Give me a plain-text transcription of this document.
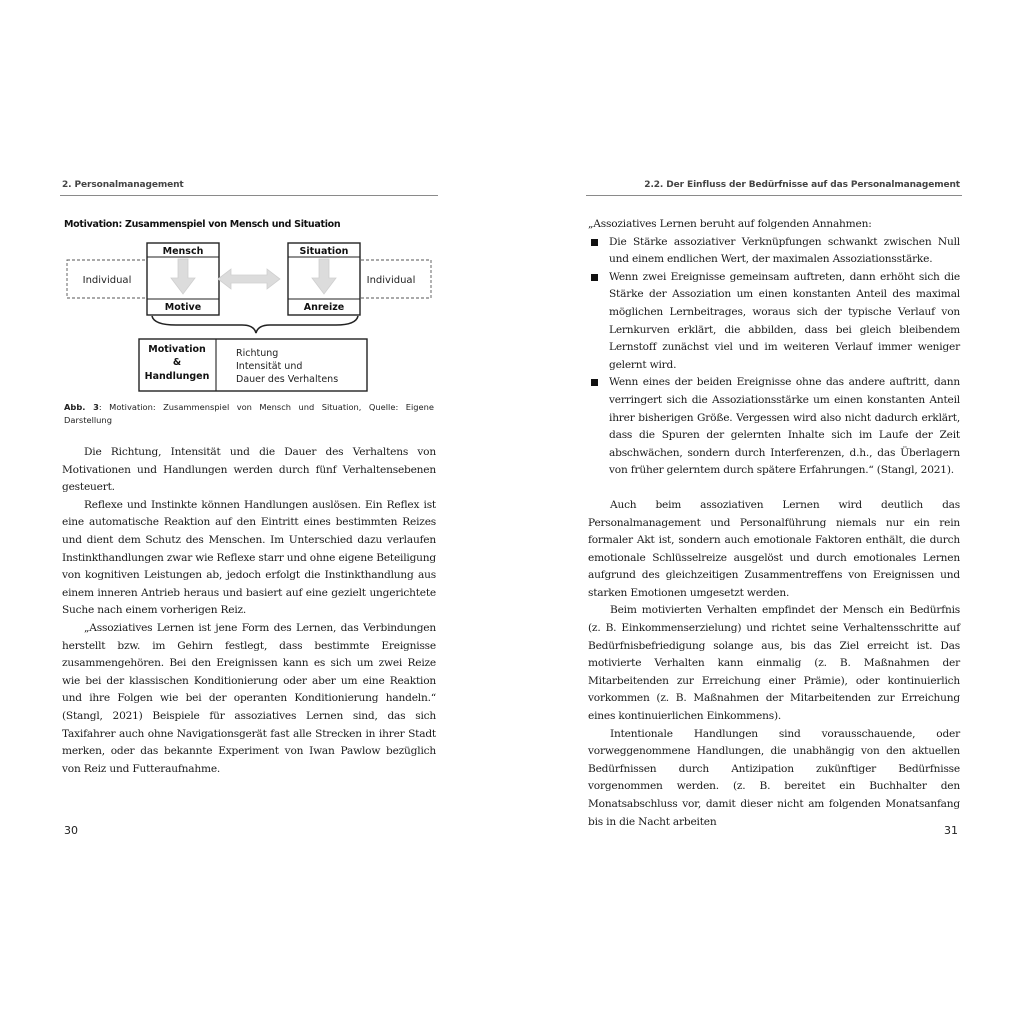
2. Personalmanagement
Motivation: Zusammenspiel von Mensch und Situation
Individual	Individual
Mensch
Motive
Situation
Anreize
Motivation
&
Handlungen
Richtung
Intensität und
Dauer des Verhaltens
Abb. 3: Motivation: Zusammenspiel von Mensch und Situation, Quelle: Eigene Darstellung

Die Richtung, Intensität und die Dauer des Verhaltens von Motivationen und Handlungen werden durch fünf Verhaltensebenen gesteuert.

Reflexe und Instinkte können Handlungen auslösen. Ein Reflex ist eine automatische Reaktion auf den Eintritt eines bestimmten Reizes und dient dem Schutz des Menschen. Im Unterschied dazu verlaufen Instinkthandlungen zwar wie Reflexe starr und ohne eigene Beteiligung von kognitiven Leistungen ab, jedoch erfolgt die Instinkthandlung aus einem inneren Antrieb heraus und basiert auf eine gezielt ungerichtete Suche nach einem vorherigen Reiz.

„Assoziatives Lernen ist jene Form des Lernen, das Verbindungen herstellt bzw. im Gehirn festlegt, dass bestimmte Ereignisse zusammengehören. Bei den Ereignissen kann es sich um zwei Reize wie bei der klassischen Konditionierung oder aber um eine Reaktion und ihre Folgen wie bei der operanten Konditionierung handeln.“ (Stangl, 2021) Beispiele für assoziatives Lernen sind, das sich Taxifahrer auch ohne Navigationsgerät fast alle Strecken in ihrer Stadt merken, oder das bekannte Experiment von Iwan Pawlow bezüglich von Reiz und Futteraufnahme.

30
2.2. Der Einfluss der Bedürfnisse auf das Personalmanagement

„Assoziatives Lernen beruht auf folgenden Annahmen:

Die Stärke assoziativer Verknüpfungen schwankt zwischen Null und einem endlichen Wert, der maximalen Assoziationsstärke.
Wenn zwei Ereignisse gemeinsam auftreten, dann erhöht sich die Stärke der Assoziation um einen konstanten Anteil des maximal möglichen Lernbeitrages, woraus sich der typische Verlauf von Lernkurven erklärt, die abbilden, dass bei gleich bleibendem Lernstoff zunächst viel und im weiteren Verlauf immer weniger gelernt wird.
Wenn eines der beiden Ereignisse ohne das andere auftritt, dann verringert sich die Assoziationsstärke um einen konstanten Anteil ihrer bisherigen Größe. Vergessen wird also nicht dadurch erklärt, dass die Spuren der gelernten Inhalte sich im Laufe der Zeit abschwächen, sondern durch Interferenzen, d.h., das Überlagern von früher gelerntem durch spätere Erfahrungen.“ (Stangl, 2021).

Auch beim assoziativen Lernen wird deutlich das Personalmanagement und Personalführung niemals nur ein rein formaler Akt ist, sondern auch emotionale Faktoren enthält, die durch emotionale Schlüsselreize ausgelöst und durch emotionales Lernen aufgrund des gleichzeitigen Zusammentreffens von Ereignissen und starken Emotionen umgesetzt werden.

Beim motivierten Verhalten empfindet der Mensch ein Bedürfnis (z. B. Einkommenserzielung) und richtet seine Verhaltensschritte auf Bedürfnisbefriedigung solange aus, bis das Ziel erreicht ist. Das motivierte Verhalten kann einmalig (z. B. Maßnahmen der Mitarbeitenden zur Erreichung einer Prämie), oder kontinuierlich vorkommen (z. B. Maßnahmen der Mitarbeitenden zur Erreichung eines kontinuierlichen Einkommens).

Intentionale Handlungen sind vorausschauende, oder vorweggenommene Handlungen, die unabhängig von den aktuellen Bedürfnissen durch Antizipation zukünftiger Bedürfnisse vorgenommen werden. (z. B. bereitet ein Buchhalter den Monatsabschluss vor, damit dieser nicht am folgenden Monatsanfang bis in die Nacht arbeiten

31
